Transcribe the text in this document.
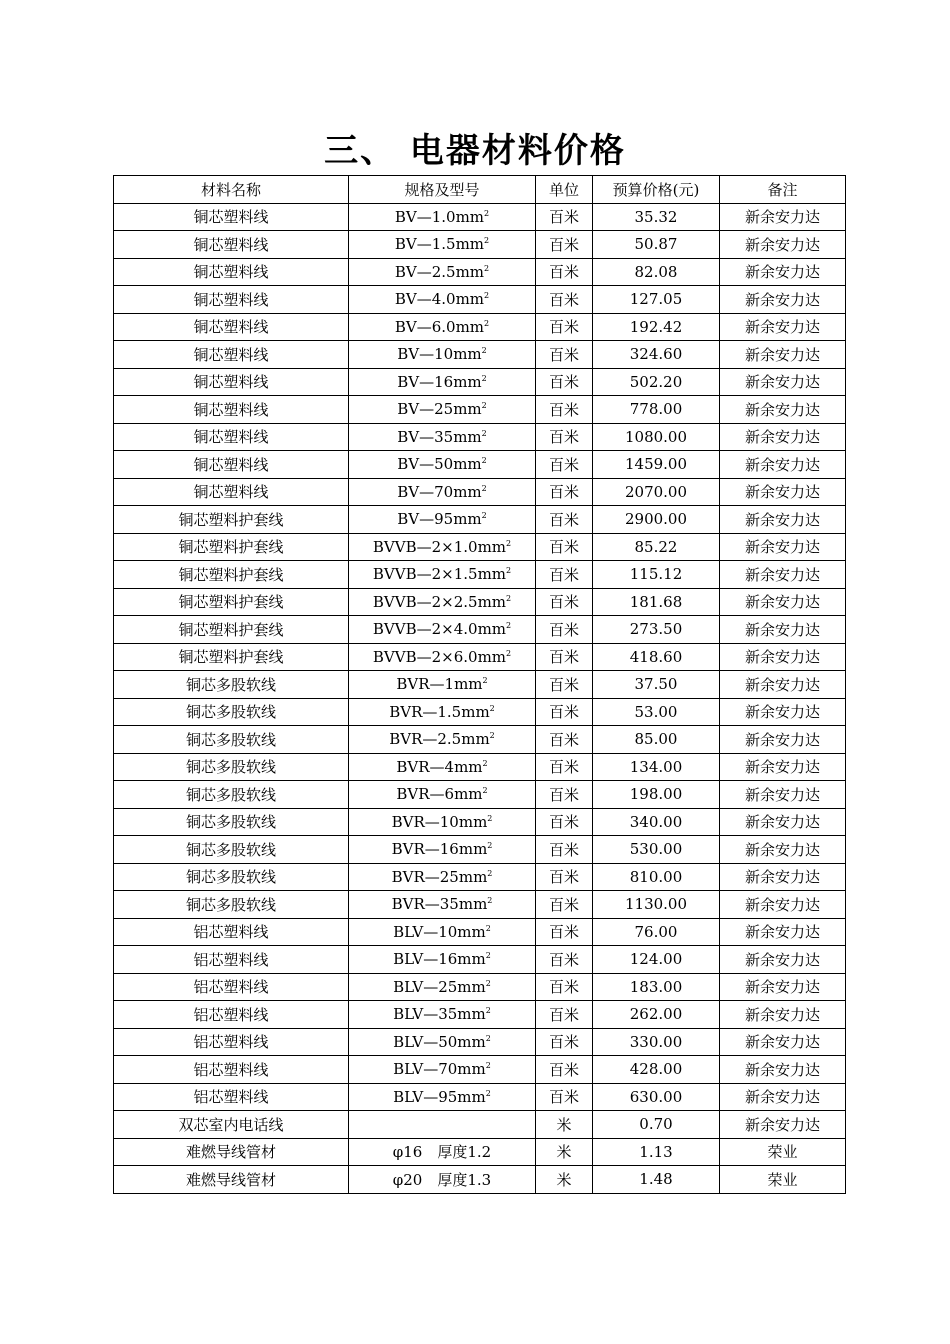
三、 电器材料价格
材料名称	规格及型号	单位	预算价格(元)	备注
铜芯塑料线	$BV—1.0mm^2$	百米	35.32	新余安力达
铜芯塑料线	$BV—1.5mm^2$	百米	50.87	新余安力达
铜芯塑料线	$BV—2.5mm^2$	百米	82.08	新余安力达
铜芯塑料线	$BV—4.0mm^2$	百米	127.05	新余安力达
铜芯塑料线	$BV—6.0mm^2$	百米	192.42	新余安力达
铜芯塑料线	$BV—10mm^2$	百米	324.60	新余安力达
铜芯塑料线	$BV—16mm^2$	百米	502.20	新余安力达
铜芯塑料线	$BV—25mm^2$	百米	778.00	新余安力达
铜芯塑料线	$BV—35mm^2$	百米	1080.00	新余安力达
铜芯塑料线	$BV—50mm^2$	百米	1459.00	新余安力达
铜芯塑料线	$BV—70mm^2$	百米	2070.00	新余安力达
铜芯塑料护套线	$BV—95mm^2$	百米	2900.00	新余安力达
铜芯塑料护套线	$BVVB—2\times 1.0mm^2$	百米	85.22	新余安力达
铜芯塑料护套线	$BVVB—2\times 1.5mm^2$	百米	115.12	新余安力达
铜芯塑料护套线	$BVVB—2\times 2.5mm^2$	百米	181.68	新余安力达
铜芯塑料护套线	$BVVB—2\times 4.0mm^2$	百米	273.50	新余安力达
铜芯塑料护套线	$BVVB—2\times 6.0mm^2$	百米	418.60	新余安力达
铜芯多股软线	$BVR—1mm^2$	百米	37.50	新余安力达
铜芯多股软线	$BVR—1.5mm^2$	百米	53.00	新余安力达
铜芯多股软线	$BVR—2.5mm^2$	百米	85.00	新余安力达
铜芯多股软线	$BVR—4mm^2$	百米	134.00	新余安力达
铜芯多股软线	$BVR—6mm^2$	百米	198.00	新余安力达
铜芯多股软线	$BVR—10mm^2$	百米	340.00	新余安力达
铜芯多股软线	$BVR—16mm^2$	百米	530.00	新余安力达
铜芯多股软线	$BVR—25mm^2$	百米	810.00	新余安力达
铜芯多股软线	$BVR—35mm^2$	百米	1130.00	新余安力达
铝芯塑料线	$BLV—10mm^2$	百米	76.00	新余安力达
铝芯塑料线	$BLV—16mm^2$	百米	124.00	新余安力达
铝芯塑料线	$BLV—25mm^2$	百米	183.00	新余安力达
铝芯塑料线	$BLV—35mm^2$	百米	262.00	新余安力达
铝芯塑料线	$BLV—50mm^2$	百米	330.00	新余安力达
铝芯塑料线	$BLV—70mm^2$	百米	428.00	新余安力达
铝芯塑料线	$BLV—95mm^2$	百米	630.00	新余安力达
双芯室内电话线		米	0.70	新余安力达
难燃导线管材	φ16　厚度1.2	米	1.13	荣业
难燃导线管材	φ20　厚度1.3	米	1.48	荣业
